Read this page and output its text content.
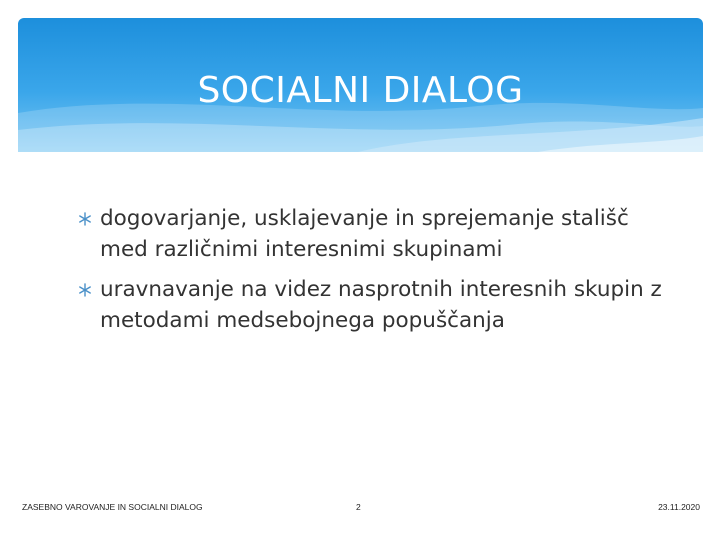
SOCIALNI DIALOG
dogovarjanje, usklajevanje in sprejemanje stališč med različnimi interesnimi skupinami
uravnavanje na videz nasprotnih interesnih skupin z metodami medsebojnega popuščanja
ZASEBNO VAROVANJE IN SOCIALNI DIALOG	2	23.11.2020
